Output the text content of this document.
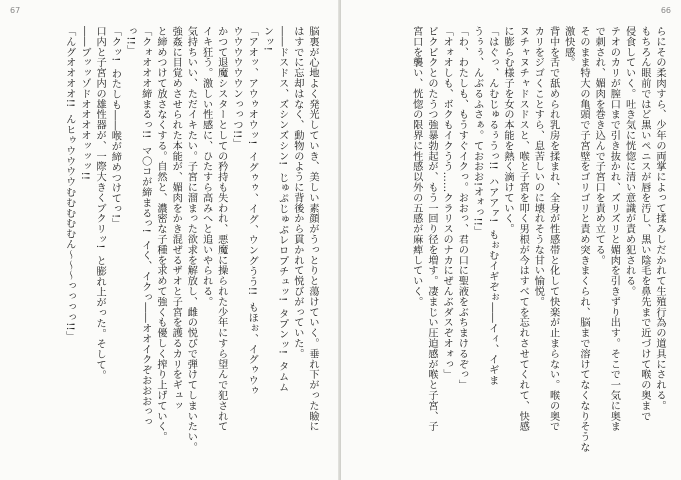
67
脳裏が心地よく発光していき、美しい素顔がうっとりと蕩けていく。垂れ下がった瞼に
はすでに忘却はなく、動物のように背後から貫かれて悦びがっていた。
――ドスドス、ズシンズシン!  じゅぷじゅぷレロプチュッ!  タプンッ!  タムム
ンッ!
「アオッ、アウゥオウッ!  イグゥゥ、イグ、ウングうう!!  もほぉ、イグゥウゥ
ウウウウウウンっっつ!!」
かつて退魔シスターとしての矜持も失われ、悪魔に操られた少年にすら望んで犯されて
イキ狂う。激しい性感に、ひたすら高みへと追いやられる。
気持ちいい、ただイキたい。子宮に溜まった欲求を解放し、雌の悦びで弾けてしまいたい。
強姦に目覚めさせられた本能が、媚肉をかき混ぜるザオと子宮を護るカリをギュッ
と締めつけて放さなくする。自然と、濃密な子種を求めて強くも優しく搾り上げていく。
「クォオオオ締まるっ!!  マ〇コが締まるっ!  イく、イクっ――オオイクぞおおおっっ
っ!!」
「クッ!  わたしも――喉が締めつけてっ!」
口内と子宮内の雄性器が、一際大きくブクリッ!  と膨れ上がった。そして。
――ブッッゾドオオオオッッッ!!
「んグオオオオ!!  んヒゥウウウウむむむむむん〜〜〜っっっっ!!」
66
らにその柔肉すら、少年の両掌によって揉みしだかれて生殖行為の道具にされる。
もちろん眼前ではど黒いペニスが唇を汚し、黒い陰毛を鼻先まで近づけて喉の奥まで
侵食していく。吐き気に恍惚に清い意識が責め犯される。
テオのカリが膣口まで引き抜かれ、ズリズリと媚肉を引きずり出す。そこで一気に奥ま
で刺され、媚肉を巻き込んで子宮口を責め立てる。
そのまま特大の亀頭で子宮壁をゴリゴリと責め突きまくられ、脳まで溶けてなくなりそうな
激快感。
背中を舌で舐められ乳房を揉まれ、全身が性感帯と化して快楽が止まらない。喉の奥で
カリをジゴくことすら、息苦しいのに壊れそうな甘い愉悦。
ヌチャヌチャドスドスと、喉と子宮を叩く男根が今はすべてを忘れさせてくれて、快感
に膨らむ様子を女の本能を熱く滴けていく。
「はぐっ、んむじゅるぅうっ!!  ハアアァ!  もぉむイギぞぉ――イィ、イギま
うぅぅ、んぶるふさぁ。ておおお!オォっ!!」
「わ、わたしも、もうすぐイクっ。おおっ、君の口に聖液をぶちまけるぞっ」
「オォオしも、ボクもイクうう……クラリスのナカにぜんぶダスぞオォっ」
ビクビクとのたうつ強暴勃起が、もう一回り径を増す。凄まじい圧迫感が喉と子宮、子
宮口を襲い、恍惚の限界に性感以外の五感が麻痺していく。
